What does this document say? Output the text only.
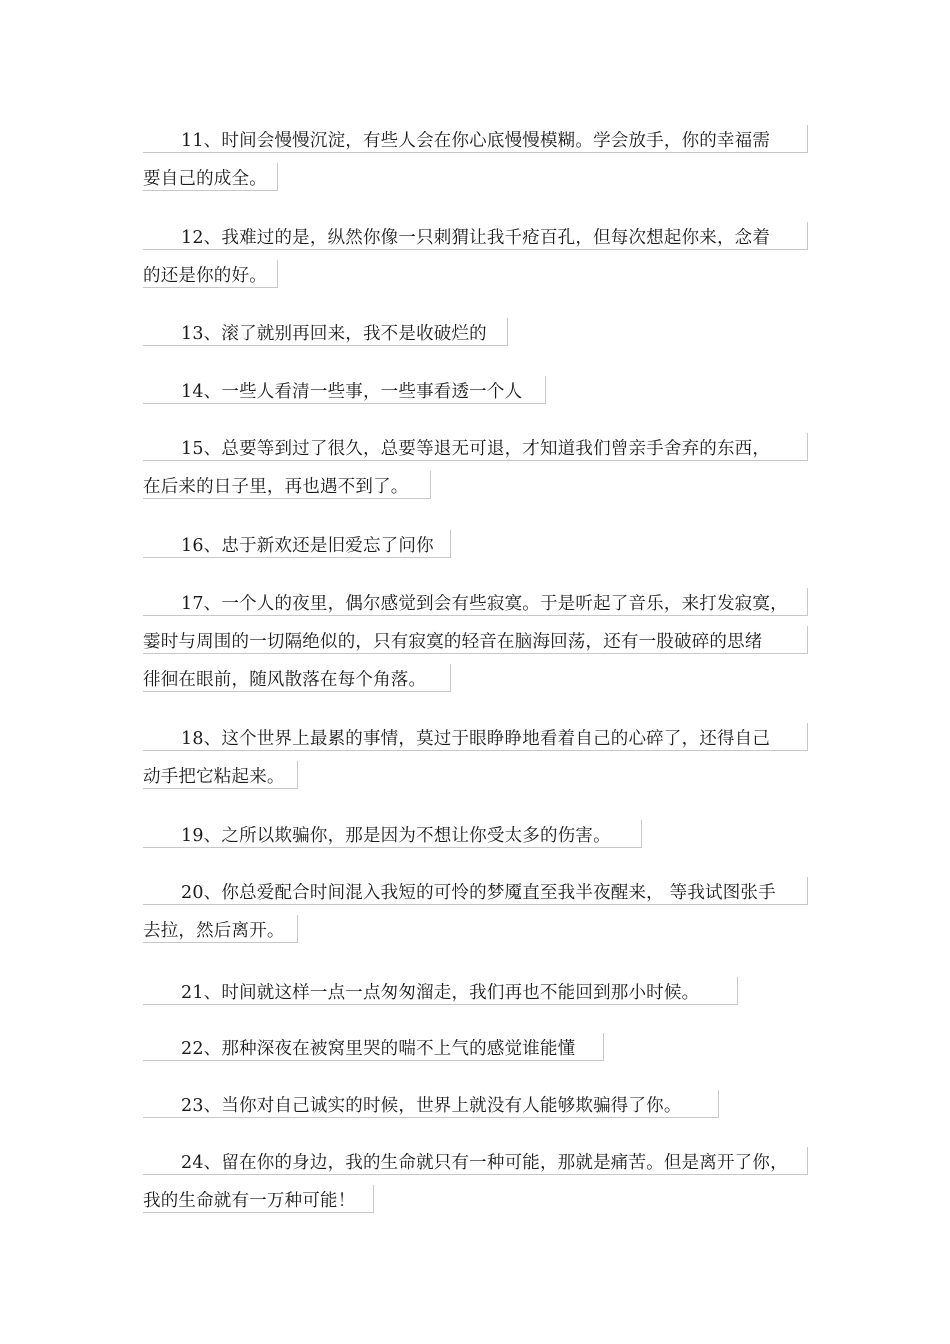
11、时间会慢慢沉淀，有些人会在你心底慢慢模糊。学会放手，你的幸福需
要自己的成全。
12、我难过的是，纵然你像一只刺猬让我千疮百孔，但每次想起你来，念着
的还是你的好。
13、滚了就别再回来，我不是收破烂的
14、一些人看清一些事，一些事看透一个人
15、总要等到过了很久，总要等退无可退，才知道我们曾亲手舍弃的东西，
在后来的日子里，再也遇不到了。
16、忠于新欢还是旧爱忘了问你
17、一个人的夜里，偶尔感觉到会有些寂寞。于是听起了音乐，来打发寂寞，
霎时与周围的一切隔绝似的，只有寂寞的轻音在脑海回荡，还有一股破碎的思绪
徘徊在眼前，随风散落在每个角落。
18、这个世界上最累的事情，莫过于眼睁睁地看着自己的心碎了，还得自己
动手把它粘起来。
19、之所以欺骗你，那是因为不想让你受太多的伤害。
20、你总爱配合时间混入我短的可怜的梦魇直至我半夜醒来， 等我试图张手
去拉，然后离开。
21、时间就这样一点一点匆匆溜走，我们再也不能回到那小时候。
22、那种深夜在被窝里哭的喘不上气的感觉谁能懂
23、当你对自己诚实的时候，世界上就没有人能够欺骗得了你。
24、留在你的身边，我的生命就只有一种可能，那就是痛苦。但是离开了你，
我的生命就有一万种可能！
